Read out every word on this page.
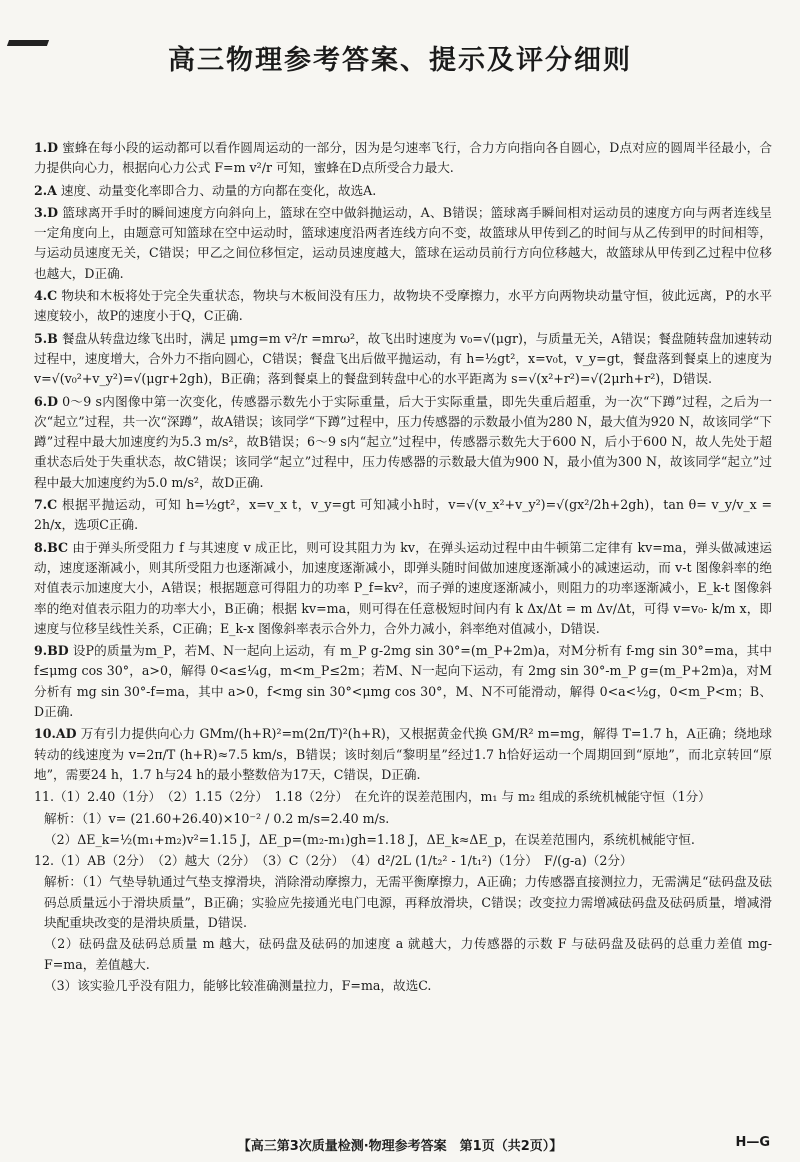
高三物理参考答案、提示及评分细则
1.D 蜜蜂在每小段的运动都可以看作圆周运动的一部分，因为是匀速率飞行，合力方向指向各自圆心，D点对应的圆周半径最小，合力提供向心力，根据向心力公式 F=m v²/r 可知，蜜蜂在D点所受合力最大.
2.A 速度、动量变化率即合力、动量的方向都在变化，故选A.
3.D 篮球离开手时的瞬间速度方向斜向上，篮球在空中做斜抛运动，A、B错误；篮球离手瞬间相对运动员的速度方向与两者连线呈一定角度向上，由题意可知篮球在空中运动时，篮球速度沿两者连线方向不变，故篮球从甲传到乙的时间与从乙传到甲的时间相等，与运动员速度无关，C错误；甲乙之间位移恒定，运动员速度越大，篮球在运动员前行方向位移越大，故篮球从甲传到乙过程中位移也越大，D正确.
4.C 物块和木板将处于完全失重状态，物块与木板间没有压力，故物块不受摩擦力，水平方向两物块动量守恒，彼此远离，P的水平速度较小，故P的速度小于Q，C正确.
5.B 餐盘从转盘边缘飞出时，满足 μmg=m v²/r =mrω²，故飞出时速度为 v₀=√(μgr)，与质量无关，A错误；餐盘随转盘加速转动过程中，速度增大，合外力不指向圆心，C错误；餐盘飞出后做平抛运动，有 h=½gt²，x=v₀t，v_y=gt，餐盘落到餐桌上的速度为 v=√(v₀²+v_y²)=√(μgr+2gh)，B正确；落到餐桌上的餐盘到转盘中心的水平距离为 s=√(x²+r²)=√(2μrh+r²)，D错误.
6.D 0～9 s内图像中第一次变化，传感器示数先小于实际重量，后大于实际重量，即先失重后超重，为一次“下蹲”过程，之后为一次“起立”过程，共一次“深蹲”，故A错误；该同学“下蹲”过程中，压力传感器的示数最小值为280 N，最大值为920 N，故该同学“下蹲”过程中最大加速度约为5.3 m/s²，故B错误；6～9 s内“起立”过程中，传感器示数先大于600 N，后小于600 N，故人先处于超重状态后处于失重状态，故C错误；该同学“起立”过程中，压力传感器的示数最大值为900 N，最小值为300 N，故该同学“起立”过程中最大加速度约为5.0 m/s²，故D正确.
7.C 根据平抛运动，可知 h=½gt²，x=v_x t，v_y=gt 可知减小h时，v=√(v_x²+v_y²)=√(gx²/2h+2gh)，tan θ= v_y/v_x = 2h/x，选项C正确.
8.BC 由于弹头所受阻力 f 与其速度 v 成正比，则可设其阻力为 kv，在弹头运动过程中由牛顿第二定律有 kv=ma，弹头做减速运动，速度逐渐减小，则其所受阻力也逐渐减小，加速度逐渐减小，即弹头随时间做加速度逐渐减小的减速运动，而 v-t 图像斜率的绝对值表示加速度大小，A错误；根据题意可得阻力的功率 P_f=kv²，而子弹的速度逐渐减小，则阻力的功率逐渐减小，E_k-t 图像斜率的绝对值表示阻力的功率大小，B正确；根据 kv=ma，则可得在任意极短时间内有 k Δx/Δt = m Δv/Δt，可得 v=v₀- k/m x，即速度与位移呈线性关系，C正确；E_k-x 图像斜率表示合外力，合外力减小，斜率绝对值减小，D错误.
9.BD 设P的质量为m_P，若M、N一起向上运动，有 m_P g-2mg sin 30°=(m_P+2m)a，对M分析有 f-mg sin 30°=ma，其中 f≤μmg cos 30°，a>0，解得 0<a≤¼g，m<m_P≤2m；若M、N一起向下运动，有 2mg sin 30°-m_P g=(m_P+2m)a，对M分析有 mg sin 30°-f=ma，其中 a>0，f<mg sin 30°<μmg cos 30°，M、N不可能滑动，解得 0<a<½g，0<m_P<m；B、D正确.
10.AD 万有引力提供向心力 GMm/(h+R)²=m(2π/T)²(h+R)，又根据黄金代换 GM/R² m=mg，解得 T=1.7 h，A正确；绕地球转动的线速度为 v=2π/T (h+R)≈7.5 km/s，B错误；该时刻后“黎明星”经过1.7 h恰好运动一个周期回到“原地”，而北京转回“原地”，需要24 h，1.7 h与24 h的最小整数倍为17天，C错误，D正确.
11.（1）2.40（1分）　（2）1.15（2分）　1.18（2分）　在允许的误差范围内，m₁ 与 m₂ 组成的系统机械能守恒（1分）
解析：（1）v= (21.60+26.40)×10⁻² / 0.2 m/s=2.40 m/s.
（2）ΔE_k=½(m₁+m₂)v²=1.15 J，ΔE_p=(m₂-m₁)gh=1.18 J，ΔE_k≈ΔE_p，在误差范围内，系统机械能守恒.
12.（1）AB（2分）　（2）越大（2分）　（3）C（2分）　（4）d²/2L (1/t₂² - 1/t₁²)（1分）　F/(g-a)（2分）
解析：（1）气垫导轨通过气垫支撑滑块，消除滑动摩擦力，无需平衡摩擦力，A正确；力传感器直接测拉力，无需满足“砝码盘及砝码总质量远小于滑块质量”，B正确；实验应先接通光电门电源，再释放滑块，C错误；改变拉力需增减砝码盘及砝码质量，增减滑块配重块改变的是滑块质量，D错误.
（2）砝码盘及砝码总质量 m 越大，砝码盘及砝码的加速度 a 就越大，力传感器的示数 F 与砝码盘及砝码的总重力差值 mg-F=ma，差值越大.
（3）该实验几乎没有阻力，能够比较准确测量拉力，F=ma，故选C.
【高三第3次质量检测·物理参考答案　第1页（共2页）】	H—G
